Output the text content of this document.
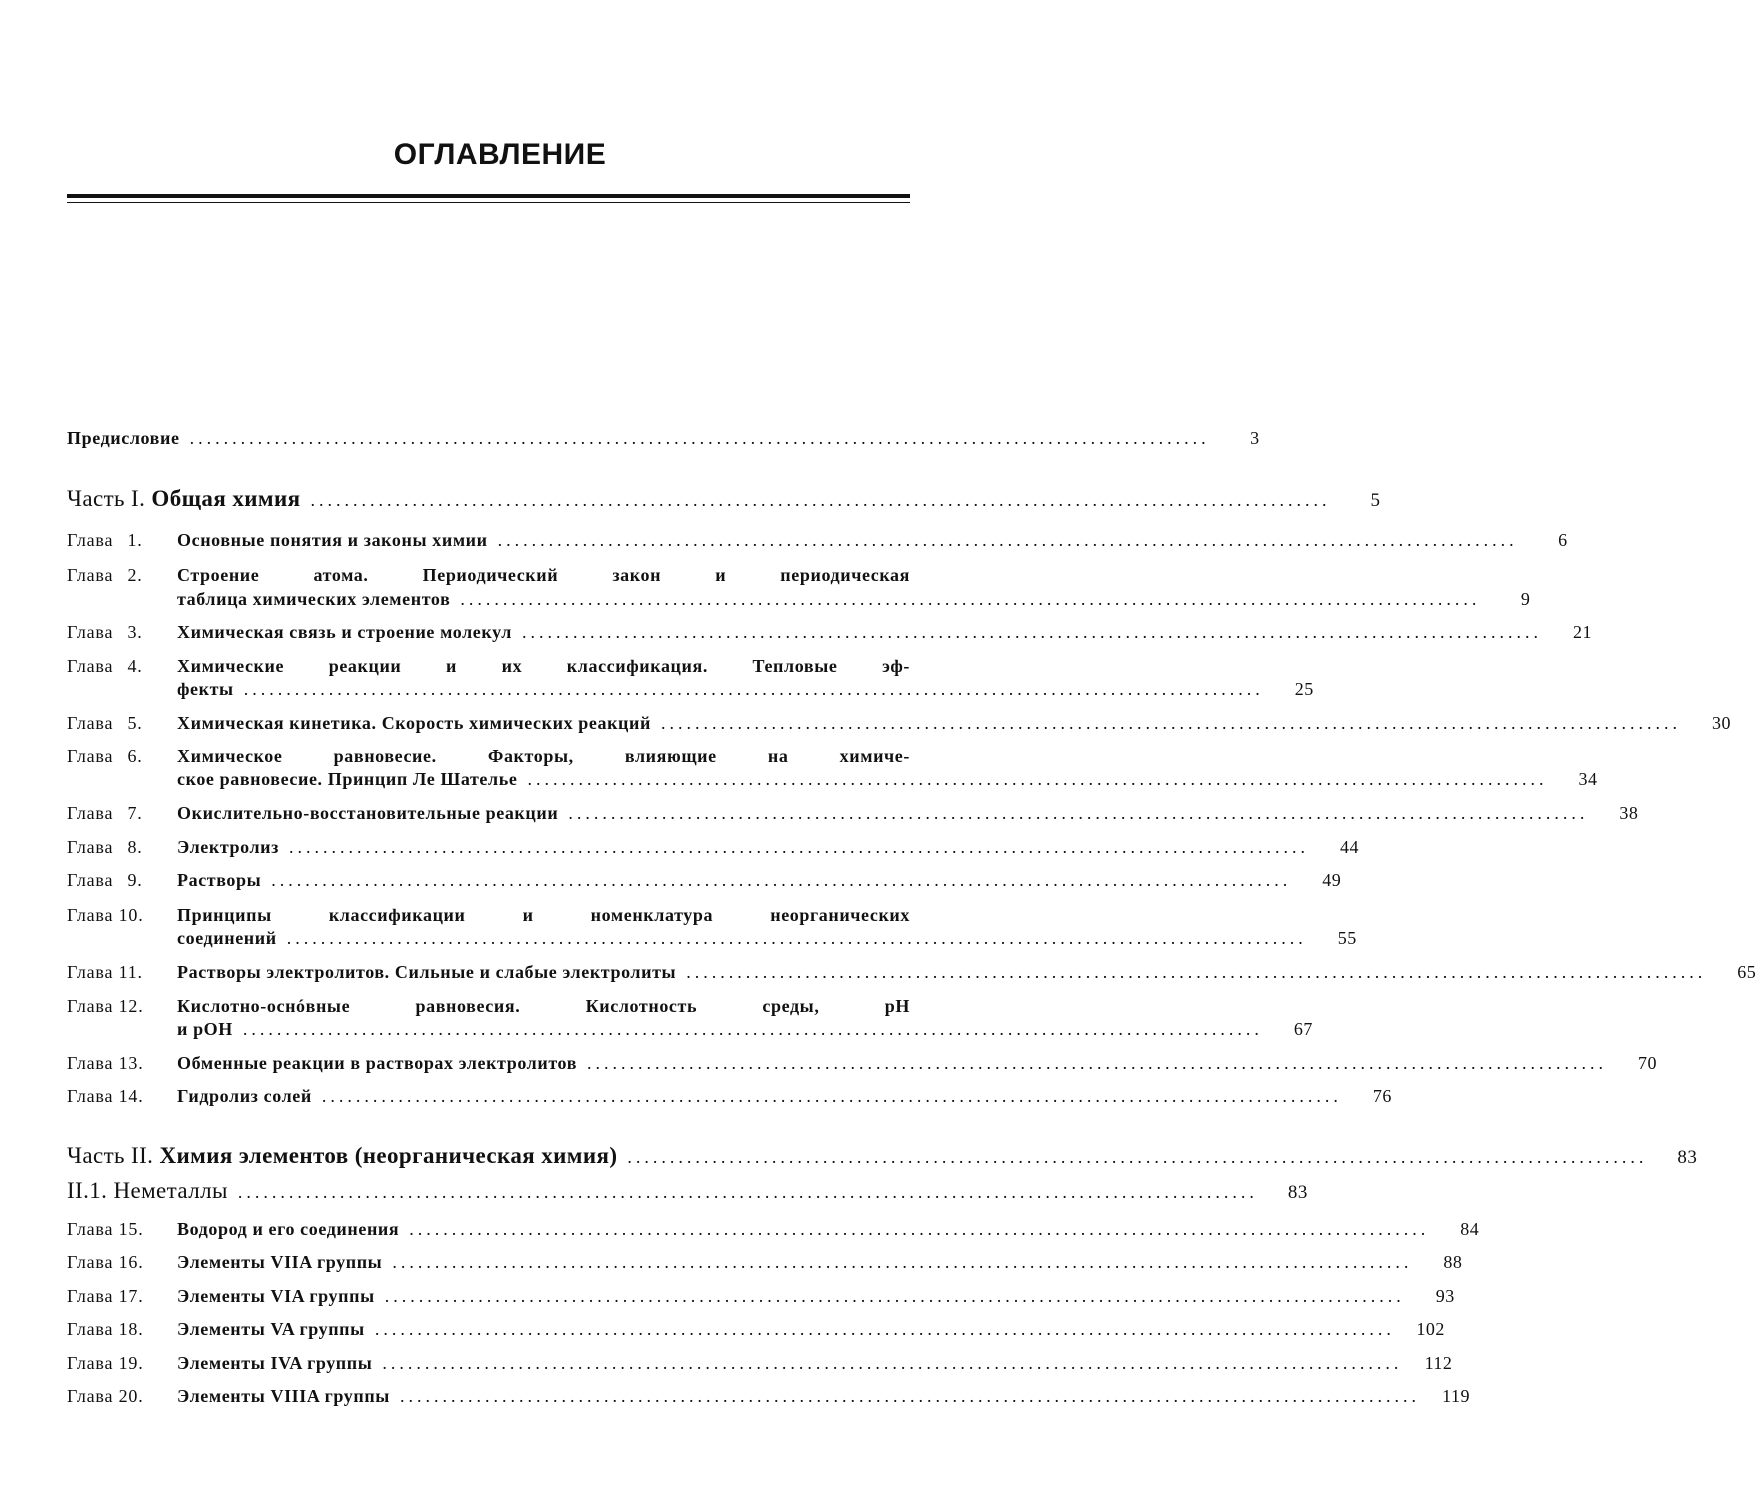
ОГЛАВЛЕНИЕ
Предисловие ........................................................................................................................	3
Часть I. Общая химия ........................................................................................................................	5
Глава 1.	Основные понятия и законы химии ........................................................................................................................	6
Глава 2.	Строение атома. Периодический закон и периодическая
таблица химических элементов ........................................................................................................................	9
Глава 3.	Химическая связь и строение молекул ........................................................................................................................	21
Глава 4.	Химические реакции и их классификация. Тепловые эф-
фекты ........................................................................................................................	25
Глава 5.	Химическая кинетика. Скорость химических реакций ........................................................................................................................	30
Глава 6.	Химическое равновесие. Факторы, влияющие на химиче-
ское равновесие. Принцип Ле Шателье ........................................................................................................................	34
Глава 7.	Окислительно-восстановительные реакции ........................................................................................................................	38
Глава 8.	Электролиз ........................................................................................................................	44
Глава 9.	Растворы ........................................................................................................................	49
Глава 10.	Принципы классификации и номенклатура неорганических
соединений ........................................................................................................................	55
Глава 11.	Растворы электролитов. Сильные и слабые электролиты ........................................................................................................................	65
Глава 12.	Кислотно-оснóвные равновесия. Кислотность среды, pH
и pOH ........................................................................................................................	67
Глава 13.	Обменные реакции в растворах электролитов ........................................................................................................................	70
Глава 14.	Гидролиз солей ........................................................................................................................	76
Часть II. Химия элементов (неорганическая химия) ........................................................................................................................	83
II.1. Неметаллы ........................................................................................................................	83
Глава 15.	Водород и его соединения ........................................................................................................................	84
Глава 16.	Элементы VIIA группы ........................................................................................................................	88
Глава 17.	Элементы VIA группы ........................................................................................................................	93
Глава 18.	Элементы VA группы ........................................................................................................................	102
Глава 19.	Элементы IVA группы ........................................................................................................................	112
Глава 20.	Элементы VIIIA группы ........................................................................................................................	119
